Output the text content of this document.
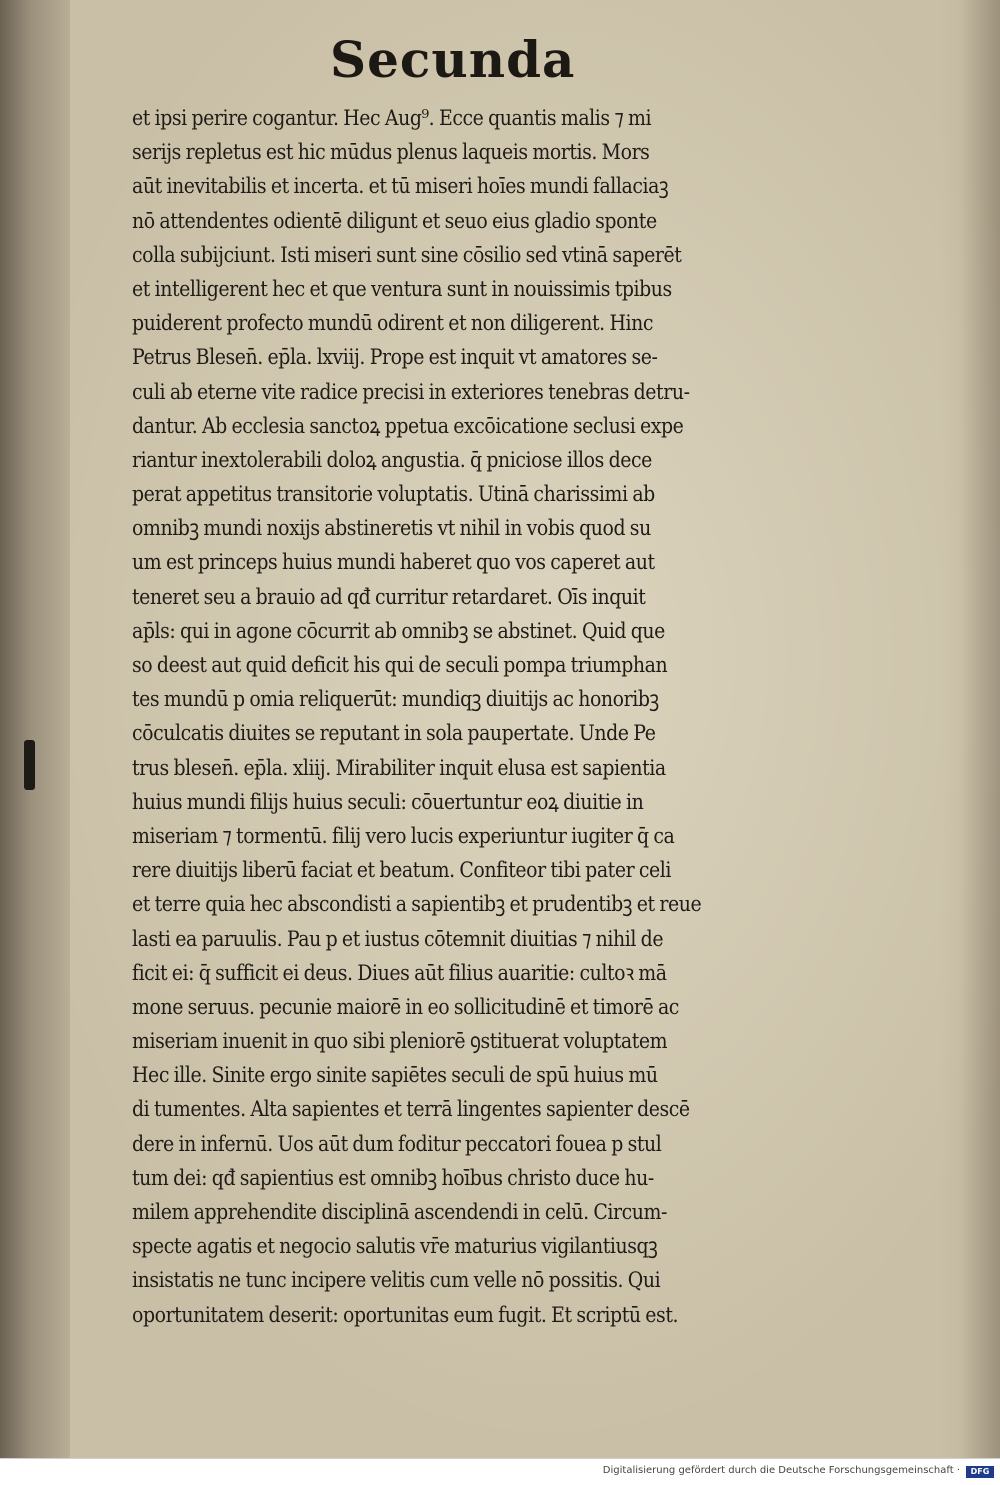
Secunda
et ipsi perire cogantur. Hec Aug⁹. Ecce quantis malis ⁊ mi
serijs repletus est hic mūdus plenus laqueis mortis. Mors
aūt inevitabilis et incerta. et tū miseri hoīes mundi fallaciaꝫ
nō attendentes odientē diligunt et seuo eius gladio sponte
colla subijciunt. Isti miseri sunt sine cōsilio sed vtinā saperēt
et intelligerent hec et que ventura sunt in nouissimis tpibus
puiderent profecto mundū odirent et non diligerent. Hinc
Petrus Blesen̄. ep̄la. lxviij. Prope est inquit vt amatores se-
culi ab eterne vite radice precisi in exteriores tenebras detru-
dantur. Ab ecclesia sanctoꝝ ppetua excōicatione seclusi expe
riantur inextolerabili doloꝝ angustia. q̄ pniciose illos dece
perat appetitus transitorie voluptatis. Utinā charissimi ab
omnibꝫ mundi noxijs abstineretis vt nihil in vobis quod su
um est princeps huius mundi haberet quo vos caperet aut
teneret seu a brauio ad qđ curritur retardaret. Oīs inquit
ap̄ls: qui in agone cōcurrit ab omnibꝫ se abstinet. Quid que
so deest aut quid deficit his qui de seculi pompa triumphan
tes mundū p omia reliquerūt: mundiqꝫ diuitijs ac honoribꝫ
cōculcatis diuites se reputant in sola paupertate. Unde Pe
trus blesen̄. ep̄la. xliij. Mirabiliter inquit elusa est sapientia
huius mundi filijs huius seculi: cōuertuntur eoꝝ diuitie in
miseriam ⁊ tormentū. filij vero lucis experiuntur iugiter q̄ ca
rere diuitijs liberū faciat et beatum. Confiteor tibi pater celi
et terre quia hec abscondisti a sapientibꝫ et prudentibꝫ et reue
lasti ea paruulis. Pau p et iustus cōtemnit diuitias ⁊ nihil de
ficit ei: q̄ sufficit ei deus. Diues aūt filius auaritie: cultoꝛ mā
mone seruus. pecunie maiorē in eo sollicitudinē et timorē ac
miseriam inuenit in quo sibi pleniorē ꝯstituerat voluptatem
Hec ille. Sinite ergo sinite sapiētes seculi de spū huius mū
di tumentes. Alta sapientes et terrā lingentes sapienter descē
dere in infernū. Uos aūt dum foditur peccatori fouea p stul
tum dei: qđ sapientius est omnibꝫ hoībus christo duce hu-
milem apprehendite disciplinā ascendendi in celū. Circum-
specte agatis et negocio salutis vr̄e maturius vigilantiusqꝫ
insistatis ne tunc incipere velitis cum velle nō possitis. Qui
oportunitatem deserit: oportunitas eum fugit. Et scriptū est.
Digitalisierung gefördert durch die Deutsche Forschungsgemeinschaft ·	DFG
